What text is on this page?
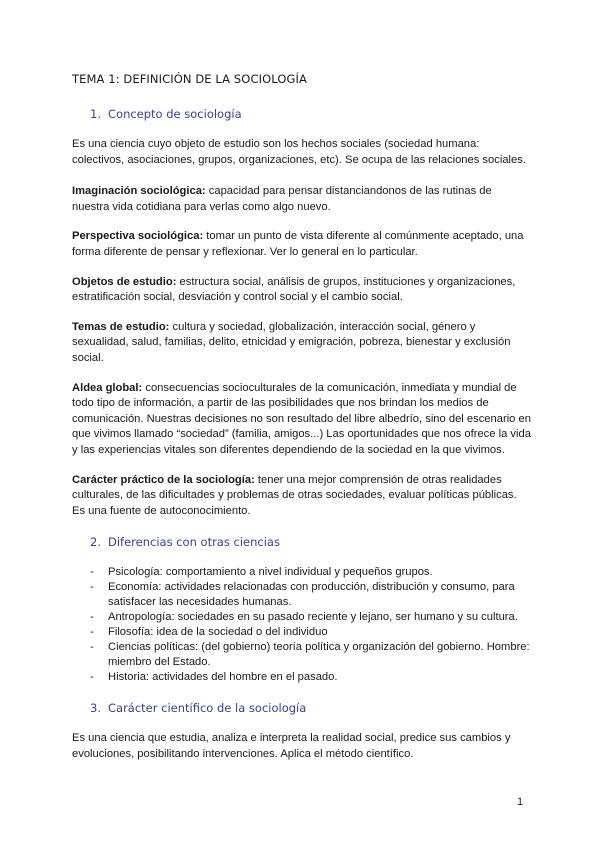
TEMA 1: DEFINICIÓN DE LA SOCIOLOGÍA
1. Concepto de sociología

Es una ciencia cuyo objeto de estudio son los hechos sociales (sociedad humana: colectivos, asociaciones, grupos, organizaciones, etc). Se ocupa de las relaciones sociales.

Imaginación sociológica: capacidad para pensar distanciandonos de las rutinas de nuestra vida cotidiana para verlas como algo nuevo.

Perspectiva sociológica: tomar un punto de vista diferente al comúnmente aceptado, una forma diferente de pensar y reflexionar. Ver lo general en lo particular.

Objetos de estudio: estructura social, análisis de grupos, instituciones y organizaciones, estratificación social, desviación y control social y el cambio social.

Temas de estudio: cultura y sociedad, globalización, interacción social, género y sexualidad, salud, familias, delito, etnicidad y emigración, pobreza, bienestar y exclusión social.

Aldea global: consecuencias socioculturales de la comunicación, inmediata y mundial de todo tipo de información, a partir de las posibilidades que nos brindan los medios de comunicación. Nuestras decisiones no son resultado del libre albedrío, sino del escenario en que vivimos llamado “sociedad” (familia, amigos...) Las oportunidades que nos ofrece la vida y las experiencias vitales son diferentes dependiendo de la sociedad en la que vivimos.

Carácter práctico de la sociología: tener una mejor comprensión de otras realidades culturales, de las dificultades y problemas de otras sociedades, evaluar políticas públicas. Es una fuente de autoconocimiento.

2. Diferencias con otras ciencias
-	Psicología: comportamiento a nivel individual y pequeños grupos.
-	Economía: actividades relacionadas con producción, distribución y consumo, para satisfacer las necesidades humanas.
-	Antropología: sociedades en su pasado reciente y lejano, ser humano y su cultura.
-	Filosofía: idea de la sociedad o del individuo
-	Ciencias políticas: (del gobierno) teoría política y organización del gobierno. Hombre: miembro del Estado.
-	Historia: actividades del hombre en el pasado.
3. Carácter científico de la sociología

Es una ciencia que estudia, analiza e interpreta la realidad social, predice sus cambios y evoluciones, posibilitando intervenciones. Aplica el método científico.

1
